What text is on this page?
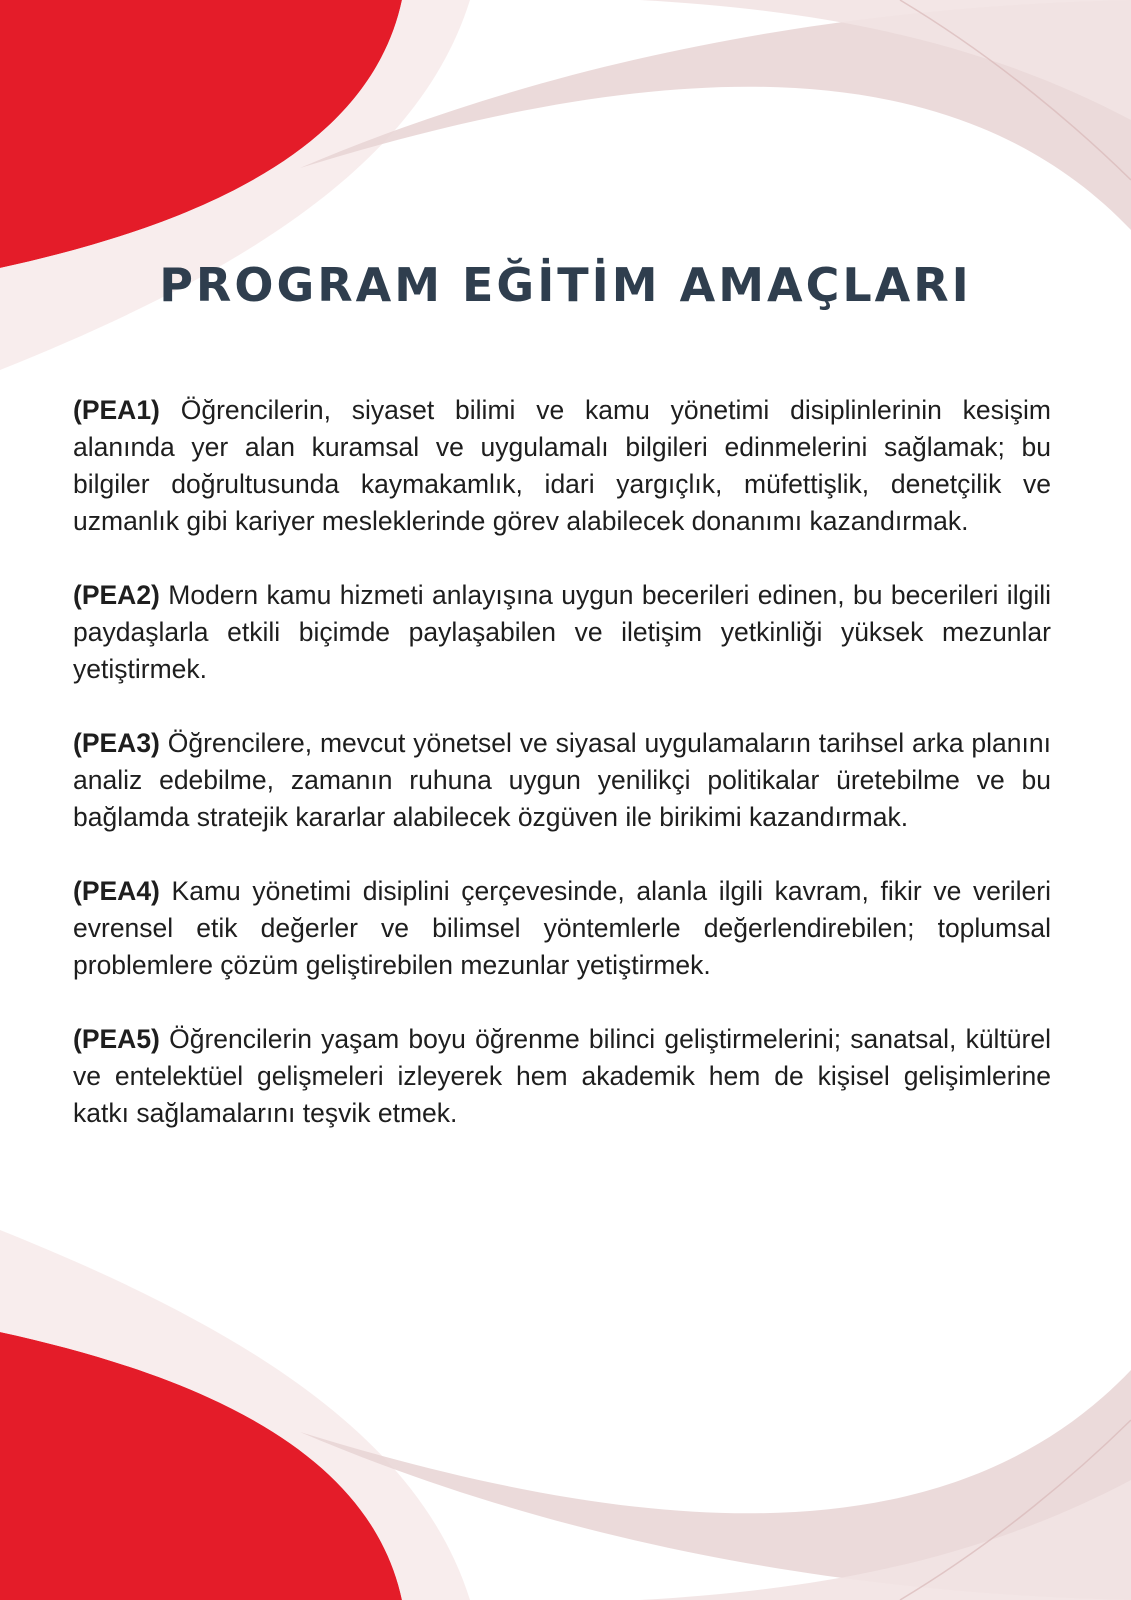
PROGRAM EĞİTİM AMAÇLARI

(PEA1) Öğrencilerin, siyaset bilimi ve kamu yönetimi disiplinlerinin kesişim alanında yer alan kuramsal ve uygulamalı bilgileri edinmelerini sağlamak; bu bilgiler doğrultusunda kaymakamlık, idari yargıçlık, müfettişlik, denetçilik ve uzmanlık gibi kariyer mesleklerinde görev alabilecek donanımı kazandırmak.

(PEA2) Modern kamu hizmeti anlayışına uygun becerileri edinen, bu becerileri ilgili paydaşlarla etkili biçimde paylaşabilen ve iletişim yetkinliği yüksek mezunlar yetiştirmek.

(PEA3) Öğrencilere, mevcut yönetsel ve siyasal uygulamaların tarihsel arka planını analiz edebilme, zamanın ruhuna uygun yenilikçi politikalar üretebilme ve bu bağlamda stratejik kararlar alabilecek özgüven ile birikimi kazandırmak.

(PEA4) Kamu yönetimi disiplini çerçevesinde, alanla ilgili kavram, fikir ve verileri evrensel etik değerler ve bilimsel yöntemlerle değerlendirebilen; toplumsal problemlere çözüm geliştirebilen mezunlar yetiştirmek.

(PEA5) Öğrencilerin yaşam boyu öğrenme bilinci geliştirmelerini; sanatsal, kültürel ve entelektüel gelişmeleri izleyerek hem akademik hem de kişisel gelişimlerine katkı sağlamalarını teşvik etmek.
